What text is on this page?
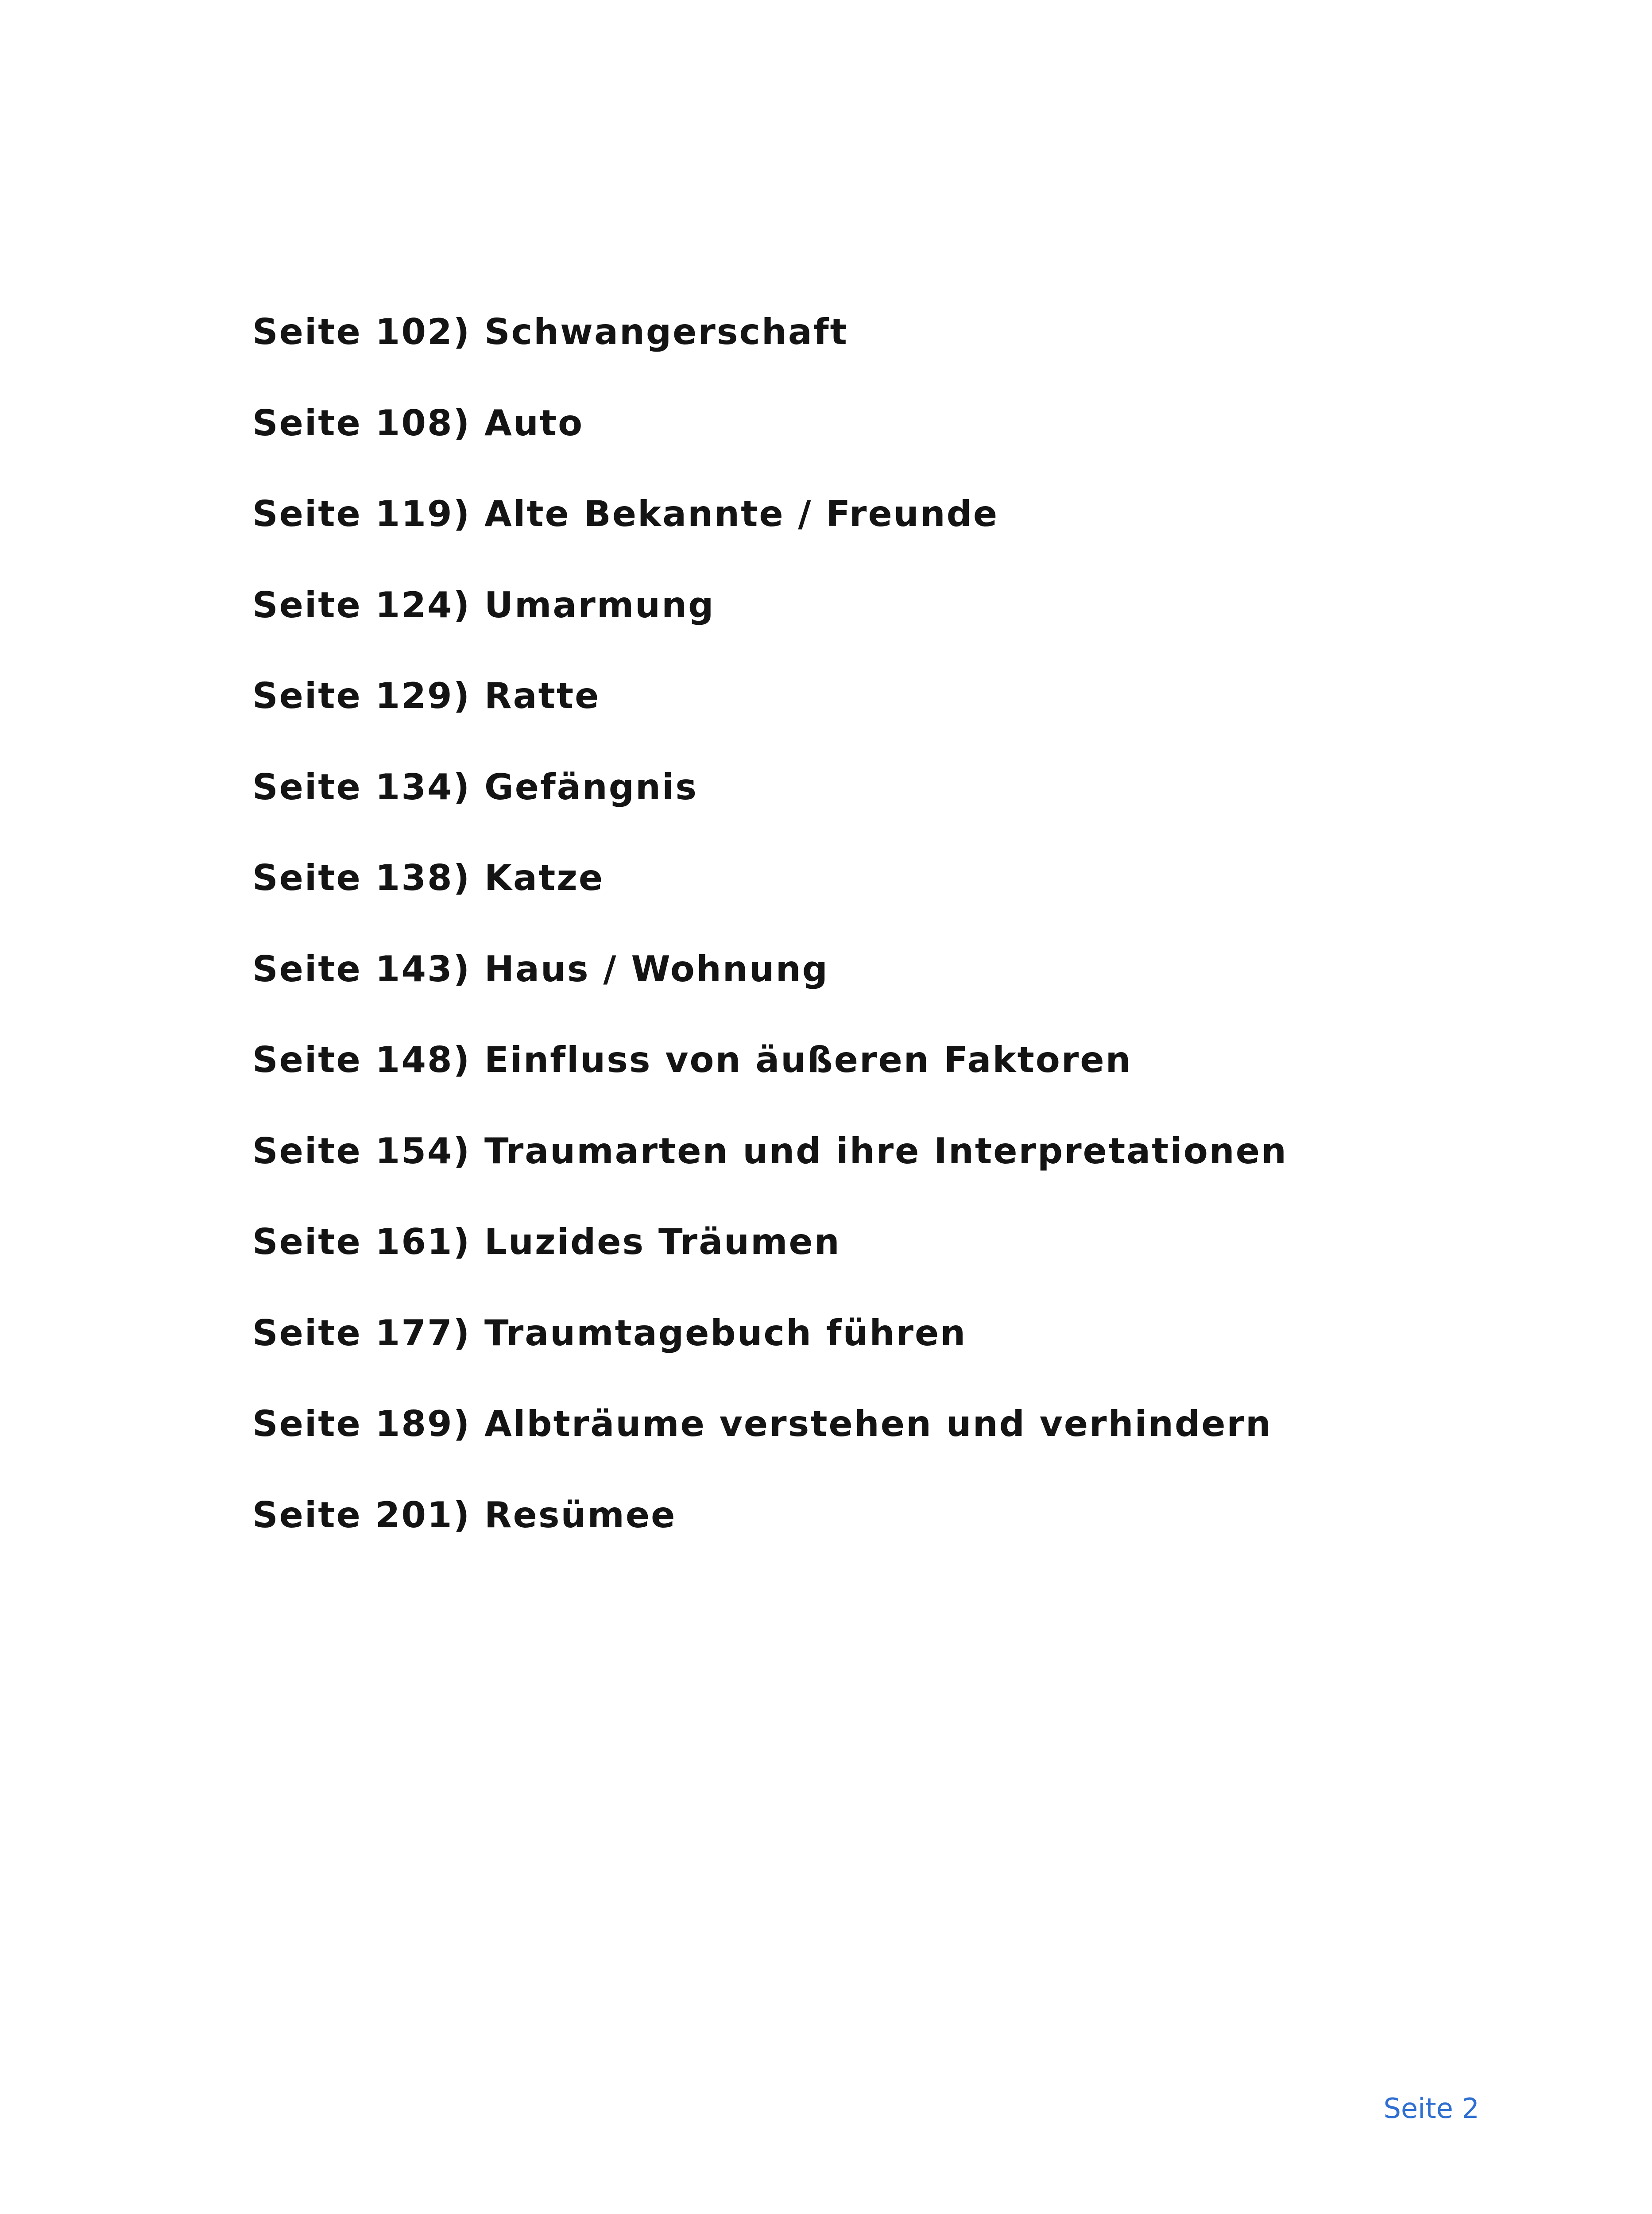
Seite 102) Schwangerschaft
Seite 108) Auto
Seite 119) Alte Bekannte / Freunde
Seite 124) Umarmung
Seite 129) Ratte
Seite 134) Gefängnis
Seite 138) Katze
Seite 143) Haus / Wohnung
Seite 148) Einfluss von äußeren Faktoren
Seite 154) Traumarten und ihre Interpretationen
Seite 161) Luzides Träumen
Seite 177) Traumtagebuch führen
Seite 189) Albträume verstehen und verhindern
Seite 201) Resümee
Seite 2
